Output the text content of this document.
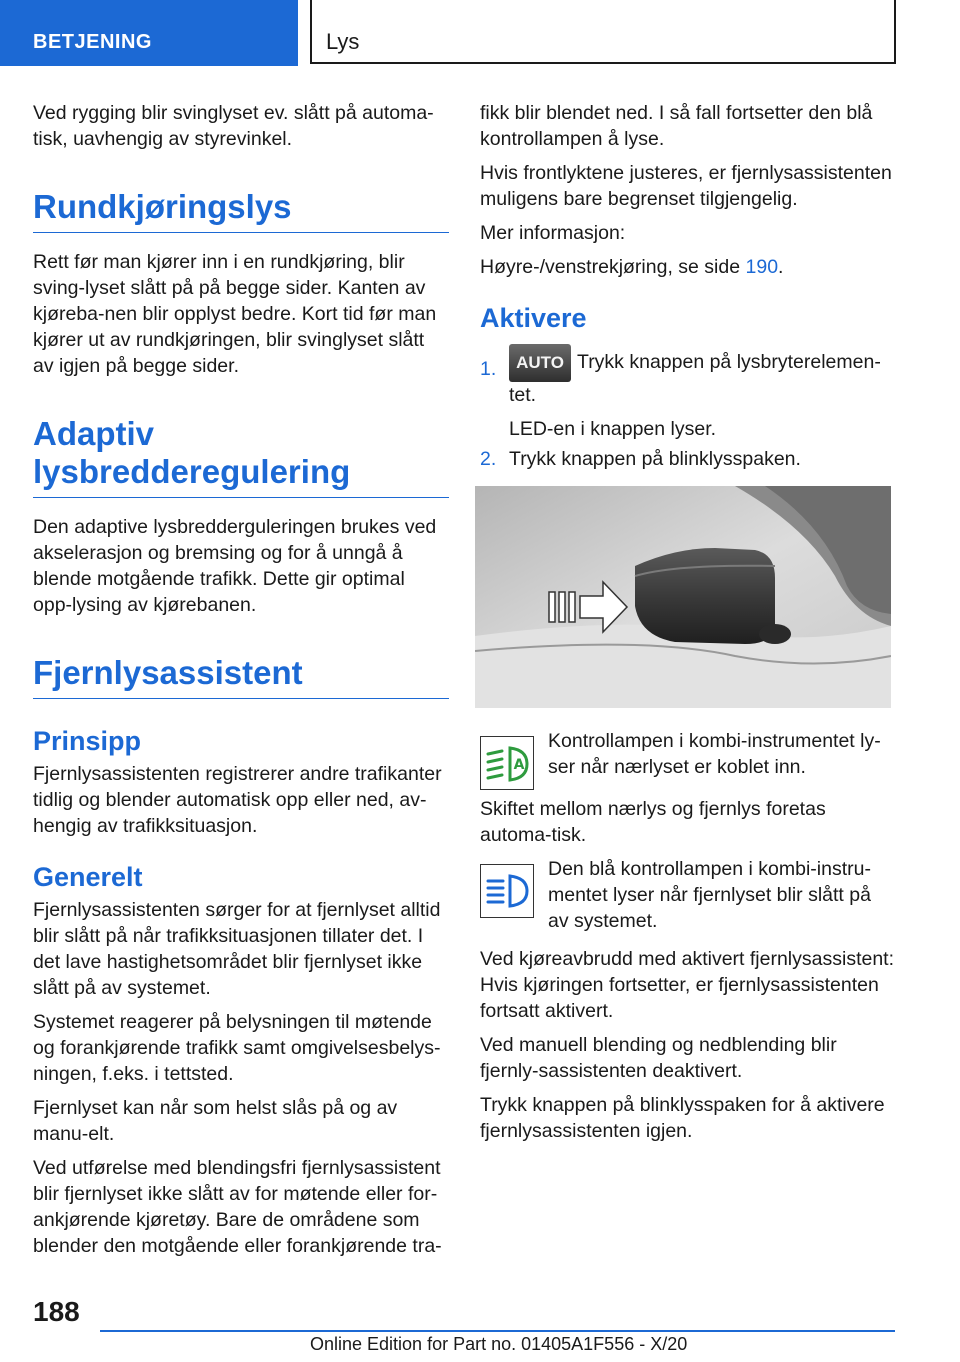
BETJENING	Lys

Ved rygging blir svinglyset ev. slått på automa-tisk, uavhengig av styrevinkel.

Rundkjøringslys

Rett før man kjører inn i en rundkjøring, blir sving-lyset slått på på begge sider. Kanten av kjøreba-nen blir opplyst bedre. Kort tid før man kjører ut av rundkjøringen, blir svinglyset slått av igjen på begge sider.

Adaptiv
lysbredderegulering

Den adaptive lysbredderguleringen brukes ved akselerasjon og bremsing og for å unngå å blende motgående trafikk. Dette gir optimal opp-lysing av kjørebanen.

Fjernlysassistent
Prinsipp

Fjernlysassistenten registrerer andre trafikanter tidlig og blender automatisk opp eller ned, av-hengig av trafikksituasjon.

Generelt

Fjernlysassistenten sørger for at fjernlyset alltid blir slått på når trafikksituasjonen tillater det. I det lave hastighetsområdet blir fjernlyset ikke slått på av systemet.

Systemet reagerer på belysningen til møtende og forankjørende trafikk samt omgivelsesbelys-ningen, f.eks. i tettsted.

Fjernlyset kan når som helst slås på og av manu-elt.

Ved utførelse med blendingsfri fjernlysassistent blir fjernlyset ikke slått av for møtende eller for-ankjørende kjøretøy. Bare de områdene som blender den motgående eller forankjørende tra-

fikk blir blendet ned. I så fall fortsetter den blå kontrollampen å lyse.

Hvis frontlyktene justeres, er fjernlysassistenten muligens bare begrenset tilgjengelig.

Mer informasjon:

Høyre-/venstrekjøring, se side 190.

Aktivere
1. AUTO Trykk knappen på lysbryterelemen-tet.
LED-en i knappen lyser.
2. Trykk knappen på blinklysspaken.
A

Kontrollampen i kombi-instrumentet ly-ser når nærlyset er koblet inn.

Skiftet mellom nærlys og fjernlys foretas automa-tisk.

Den blå kontrollampen i kombi-instru-mentet lyser når fjernlyset blir slått på av systemet.

Ved kjøreavbrudd med aktivert fjernlysassistent: Hvis kjøringen fortsetter, er fjernlysassistenten fortsatt aktivert.

Ved manuell blending og nedblending blir fjernly-sassistenten deaktivert.

Trykk knappen på blinklysspaken for å aktivere fjernlysassistenten igjen.

188
Online Edition for Part no. 01405A1F556 - X/20
